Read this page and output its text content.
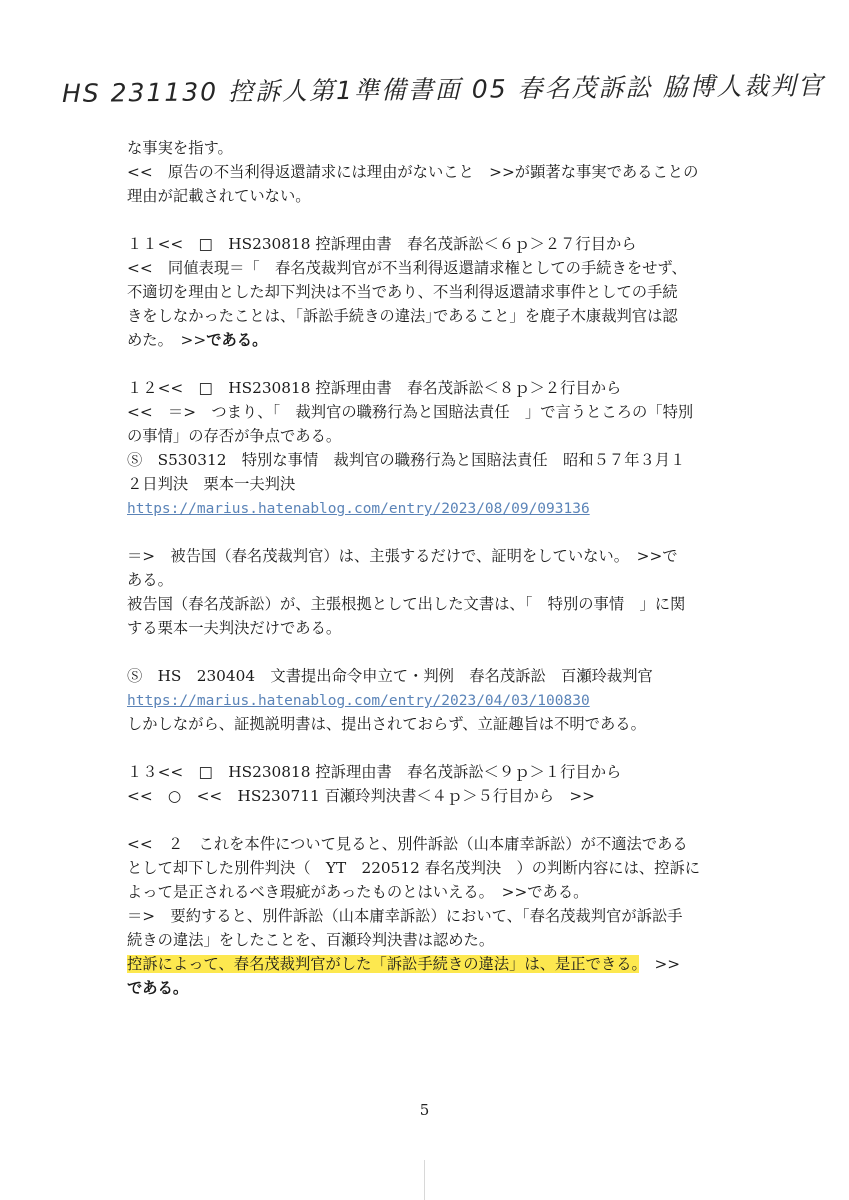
HS 231130 控訴人第1準備書面 05 春名茂訴訟 脇博人裁判官
な事実を指す。
<<　原告の不当利得返還請求には理由がないこと　>>が顕著な事実であることの
理由が記載されていない。
１１<<　□　HS230818 控訴理由書　春名茂訴訟＜６ｐ＞２７行目から
<<　同値表現＝「　春名茂裁判官が不当利得返還請求権としての手続きをせず、
不適切を理由とした却下判決は不当であり、不当利得返還請求事件としての手続
きをしなかったことは、｢訴訟手続きの違法｣であること」を鹿子木康裁判官は認
めた。　>>である。
１２<<　□　HS230818 控訴理由書　春名茂訴訟＜８ｐ＞２行目から
<<　＝>　つまり、｢　裁判官の職務行為と国賠法責任　」で言うところの「特別
の事情」の存否が争点である。
Ⓢ　S530312　特別な事情　裁判官の職務行為と国賠法責任　昭和５７年３月１
２日判決　栗本一夫判決
https://marius.hatenablog.com/entry/2023/08/09/093136
＝>　被告国（春名茂裁判官）は、主張するだけで、証明をしていない。　>>で
ある。
被告国（春名茂訴訟）が、主張根拠として出した文書は、「　特別の事情　」に関
する栗本一夫判決だけである。
Ⓢ　HS　230404　文書提出命令申立て・判例　春名茂訴訟　百瀬玲裁判官
https://marius.hatenablog.com/entry/2023/04/03/100830
しかしながら、証拠説明書は、提出されておらず、立証趣旨は不明である。
１３<<　□　HS230818 控訴理由書　春名茂訴訟＜９ｐ＞１行目から
<<　○　<<　HS230711 百瀬玲判決書＜４ｐ＞５行目から　>>
<<　２　これを本件について見ると、別件訴訟（山本庸幸訴訟）が不適法である
として却下した別件判決（　YT　220512 春名茂判決　）の判断内容には、控訴に
よって是正されるべき瑕疵があったものとはいえる。　>>である。
＝>　要約すると、別件訴訟（山本庸幸訴訟）において、「春名茂裁判官が訴訟手
続きの違法」をしたことを、百瀬玲判決書は認めた。
控訴によって、春名茂裁判官がした「訴訟手続きの違法」は、是正できる。　>>
である。
5
